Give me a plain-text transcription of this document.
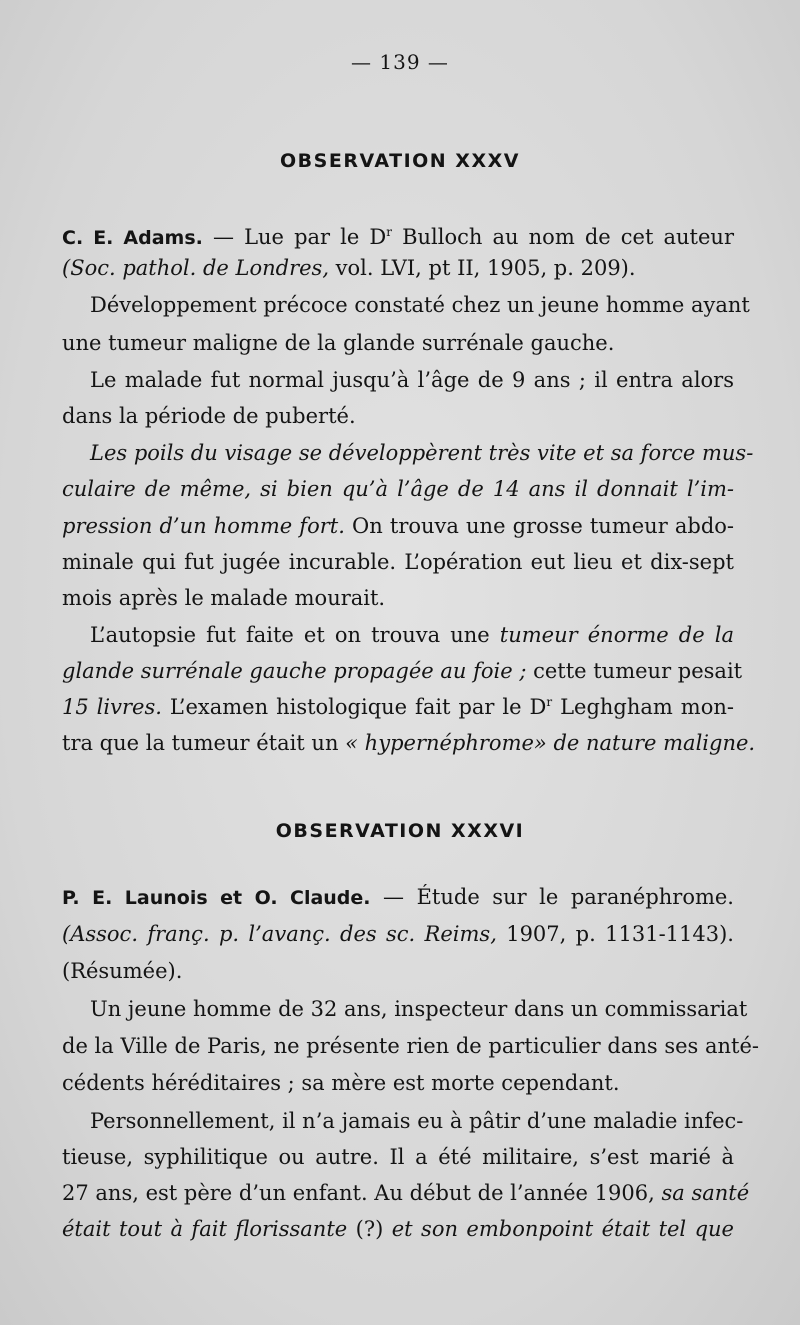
— 139 —
OBSERVATION XXXV
C. E. Adams. — Lue par le $D^r$ Bulloch au nom de cet auteur
(Soc. pathol. de Londres, vol. LVI, pt II, 1905, p. 209).
Développement précoce constaté chez un jeune homme ayant
une tumeur maligne de la glande surrénale gauche.
Le malade fut normal jusqu’à l’âge de 9 ans ; il entra alors
dans la période de puberté.
Les poils du visage se développèrent très vite et sa force mus-
culaire de même, si bien qu’à l’âge de 14 ans il donnait l’im-
pression d’un homme fort. On trouva une grosse tumeur abdo-
minale qui fut jugée incurable. L’opération eut lieu et dix-sept
mois après le malade mourait.
L’autopsie fut faite et on trouva une tumeur énorme de la
glande surrénale gauche propagée au foie ; cette tumeur pesait
15 livres. L’examen histologique fait par le $D^r$ Leghgham mon-
tra que la tumeur était un « hypernéphrome» de nature maligne.
OBSERVATION XXXVI
P. E. Launois et O. Claude. — Étude sur le paranéphrome.
(Assoc. franç. p. l’avanç. des sc. Reims, 1907, p. 1131-1143).
(Résumée).
Un jeune homme de 32 ans, inspecteur dans un commissariat
de la Ville de Paris, ne présente rien de particulier dans ses anté-
cédents héréditaires ; sa mère est morte cependant.
Personnellement, il n’a jamais eu à pâtir d’une maladie infec-
tieuse, syphilitique ou autre. Il a été militaire, s’est marié à
27 ans, est père d’un enfant. Au début de l’année 1906, sa santé
était tout à fait florissante (?) et son embonpoint était tel que
